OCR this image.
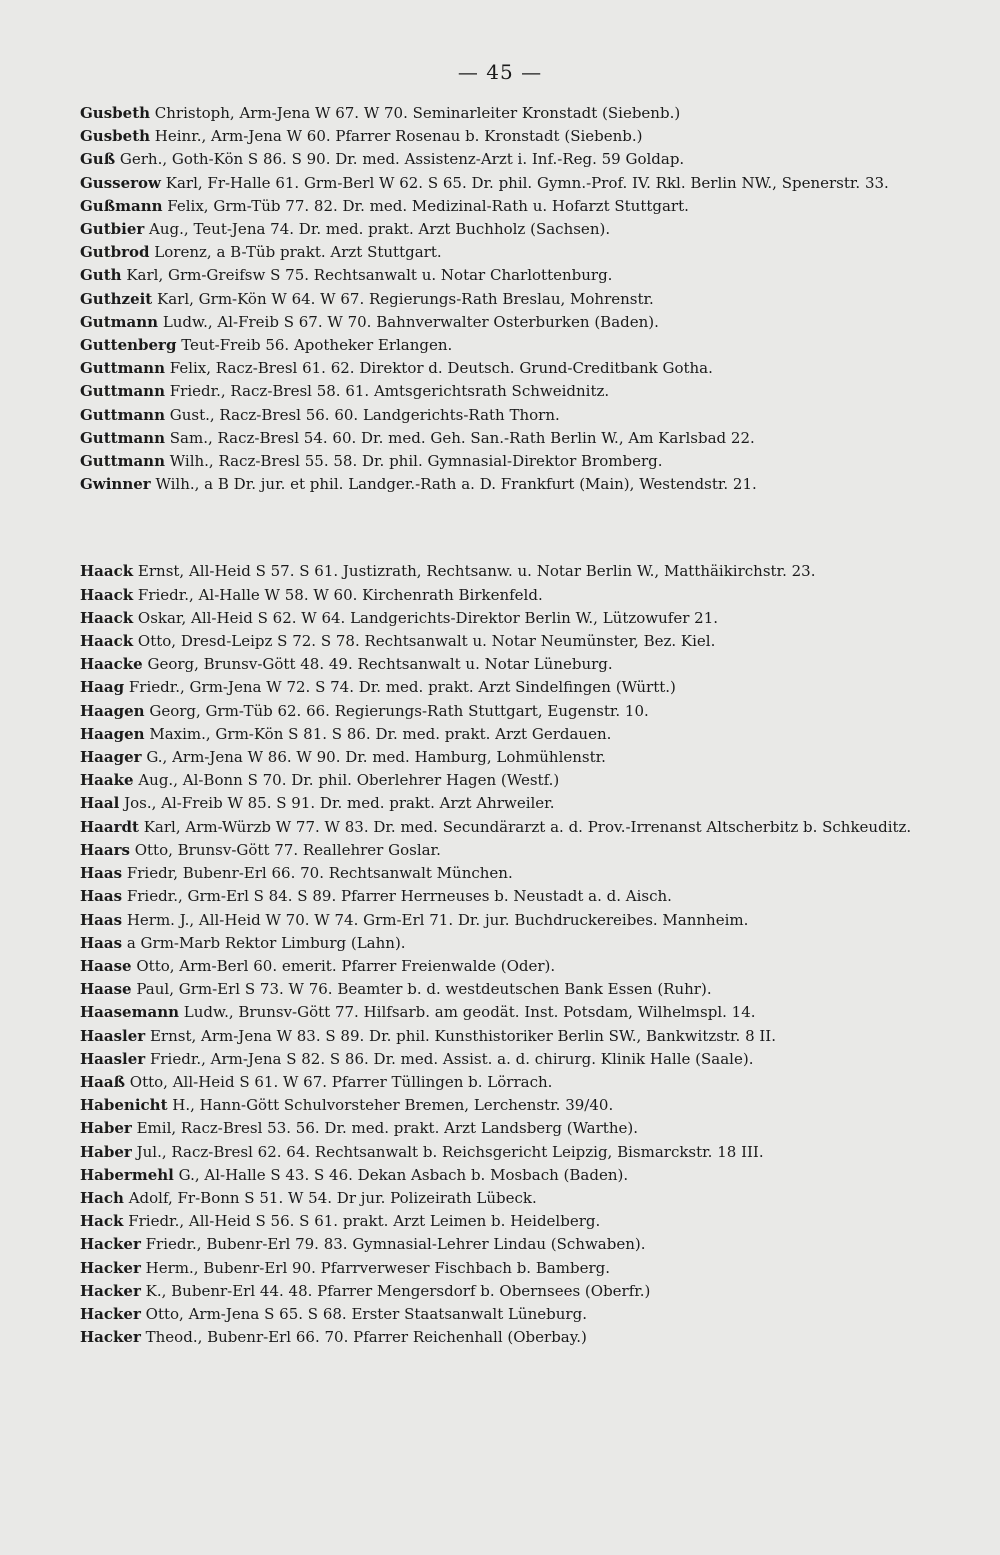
— 45 —
Gusbeth Christoph, Arm-Jena W 67. W 70. Seminarleiter Kronstadt (Siebenb.)
Gusbeth Heinr., Arm-Jena W 60. Pfarrer Rosenau b. Kronstadt (Siebenb.)
Guß Gerh., Goth-Kön S 86. S 90. Dr. med. Assistenz-Arzt i. Inf.-Reg. 59 Goldap.
Gusserow Karl, Fr-Halle 61. Grm-Berl W 62. S 65. Dr. phil. Gymn.-Prof. IV. Rkl. Berlin NW., Spenerstr. 33.
Gußmann Felix, Grm-Tüb 77. 82. Dr. med. Medizinal-Rath u. Hofarzt Stuttgart.
Gutbier Aug., Teut-Jena 74. Dr. med. prakt. Arzt Buchholz (Sachsen).
Gutbrod Lorenz, a B-Tüb prakt. Arzt Stuttgart.
Guth Karl, Grm-Greifsw S 75. Rechtsanwalt u. Notar Charlottenburg.
Guthzeit Karl, Grm-Kön W 64. W 67. Regierungs-Rath Breslau, Mohrenstr.
Gutmann Ludw., Al-Freib S 67. W 70. Bahnverwalter Osterburken (Baden).
Guttenberg Teut-Freib 56. Apotheker Erlangen.
Guttmann Felix, Racz-Bresl 61. 62. Direktor d. Deutsch. Grund-Creditbank Gotha.
Guttmann Friedr., Racz-Bresl 58. 61. Amtsgerichtsrath Schweidnitz.
Guttmann Gust., Racz-Bresl 56. 60. Landgerichts-Rath Thorn.
Guttmann Sam., Racz-Bresl 54. 60. Dr. med. Geh. San.-Rath Berlin W., Am Karlsbad 22.
Guttmann Wilh., Racz-Bresl 55. 58. Dr. phil. Gymnasial-Direktor Bromberg.
Gwinner Wilh., a B Dr. jur. et phil. Landger.-Rath a. D. Frankfurt (Main), Westendstr. 21.
Haack Ernst, All-Heid S 57. S 61. Justizrath, Rechtsanw. u. Notar Berlin W., Matthäikirchstr. 23.
Haack Friedr., Al-Halle W 58. W 60. Kirchenrath Birkenfeld.
Haack Oskar, All-Heid S 62. W 64. Landgerichts-Direktor Berlin W., Lützowufer 21.
Haack Otto, Dresd-Leipz S 72. S 78. Rechtsanwalt u. Notar Neumünster, Bez. Kiel.
Haacke Georg, Brunsv-Gött 48. 49. Rechtsanwalt u. Notar Lüneburg.
Haag Friedr., Grm-Jena W 72. S 74. Dr. med. prakt. Arzt Sindelfingen (Württ.)
Haagen Georg, Grm-Tüb 62. 66. Regierungs-Rath Stuttgart, Eugenstr. 10.
Haagen Maxim., Grm-Kön S 81. S 86. Dr. med. prakt. Arzt Gerdauen.
Haager G., Arm-Jena W 86. W 90. Dr. med. Hamburg, Lohmühlenstr.
Haake Aug., Al-Bonn S 70. Dr. phil. Oberlehrer Hagen (Westf.)
Haal Jos., Al-Freib W 85. S 91. Dr. med. prakt. Arzt Ahrweiler.
Haardt Karl, Arm-Würzb W 77. W 83. Dr. med. Secundärarzt a. d. Prov.-Irrenanst Altscherbitz b. Schkeuditz.
Haars Otto, Brunsv-Gött 77. Reallehrer Goslar.
Haas Friedr, Bubenr-Erl 66. 70. Rechtsanwalt München.
Haas Friedr., Grm-Erl S 84. S 89. Pfarrer Herrneuses b. Neustadt a. d. Aisch.
Haas Herm. J., All-Heid W 70. W 74. Grm-Erl 71. Dr. jur. Buchdruckereibes. Mannheim.
Haas a Grm-Marb Rektor Limburg (Lahn).
Haase Otto, Arm-Berl 60. emerit. Pfarrer Freienwalde (Oder).
Haase Paul, Grm-Erl S 73. W 76. Beamter b. d. westdeutschen Bank Essen (Ruhr).
Haasemann Ludw., Brunsv-Gött 77. Hilfsarb. am geodät. Inst. Potsdam, Wilhelmspl. 14.
Haasler Ernst, Arm-Jena W 83. S 89. Dr. phil. Kunsthistoriker Berlin SW., Bankwitzstr. 8 II.
Haasler Friedr., Arm-Jena S 82. S 86. Dr. med. Assist. a. d. chirurg. Klinik Halle (Saale).
Haaß Otto, All-Heid S 61. W 67. Pfarrer Tüllingen b. Lörrach.
Habenicht H., Hann-Gött Schulvorsteher Bremen, Lerchenstr. 39/40.
Haber Emil, Racz-Bresl 53. 56. Dr. med. prakt. Arzt Landsberg (Warthe).
Haber Jul., Racz-Bresl 62. 64. Rechtsanwalt b. Reichsgericht Leipzig, Bismarckstr. 18 III.
Habermehl G., Al-Halle S 43. S 46. Dekan Asbach b. Mosbach (Baden).
Hach Adolf, Fr-Bonn S 51. W 54. Dr jur. Polizeirath Lübeck.
Hack Friedr., All-Heid S 56. S 61. prakt. Arzt Leimen b. Heidelberg.
Hacker Friedr., Bubenr-Erl 79. 83. Gymnasial-Lehrer Lindau (Schwaben).
Hacker Herm., Bubenr-Erl 90. Pfarrverweser Fischbach b. Bamberg.
Hacker K., Bubenr-Erl 44. 48. Pfarrer Mengersdorf b. Obernsees (Oberfr.)
Hacker Otto, Arm-Jena S 65. S 68. Erster Staatsanwalt Lüneburg.
Hacker Theod., Bubenr-Erl 66. 70. Pfarrer Reichenhall (Oberbay.)
